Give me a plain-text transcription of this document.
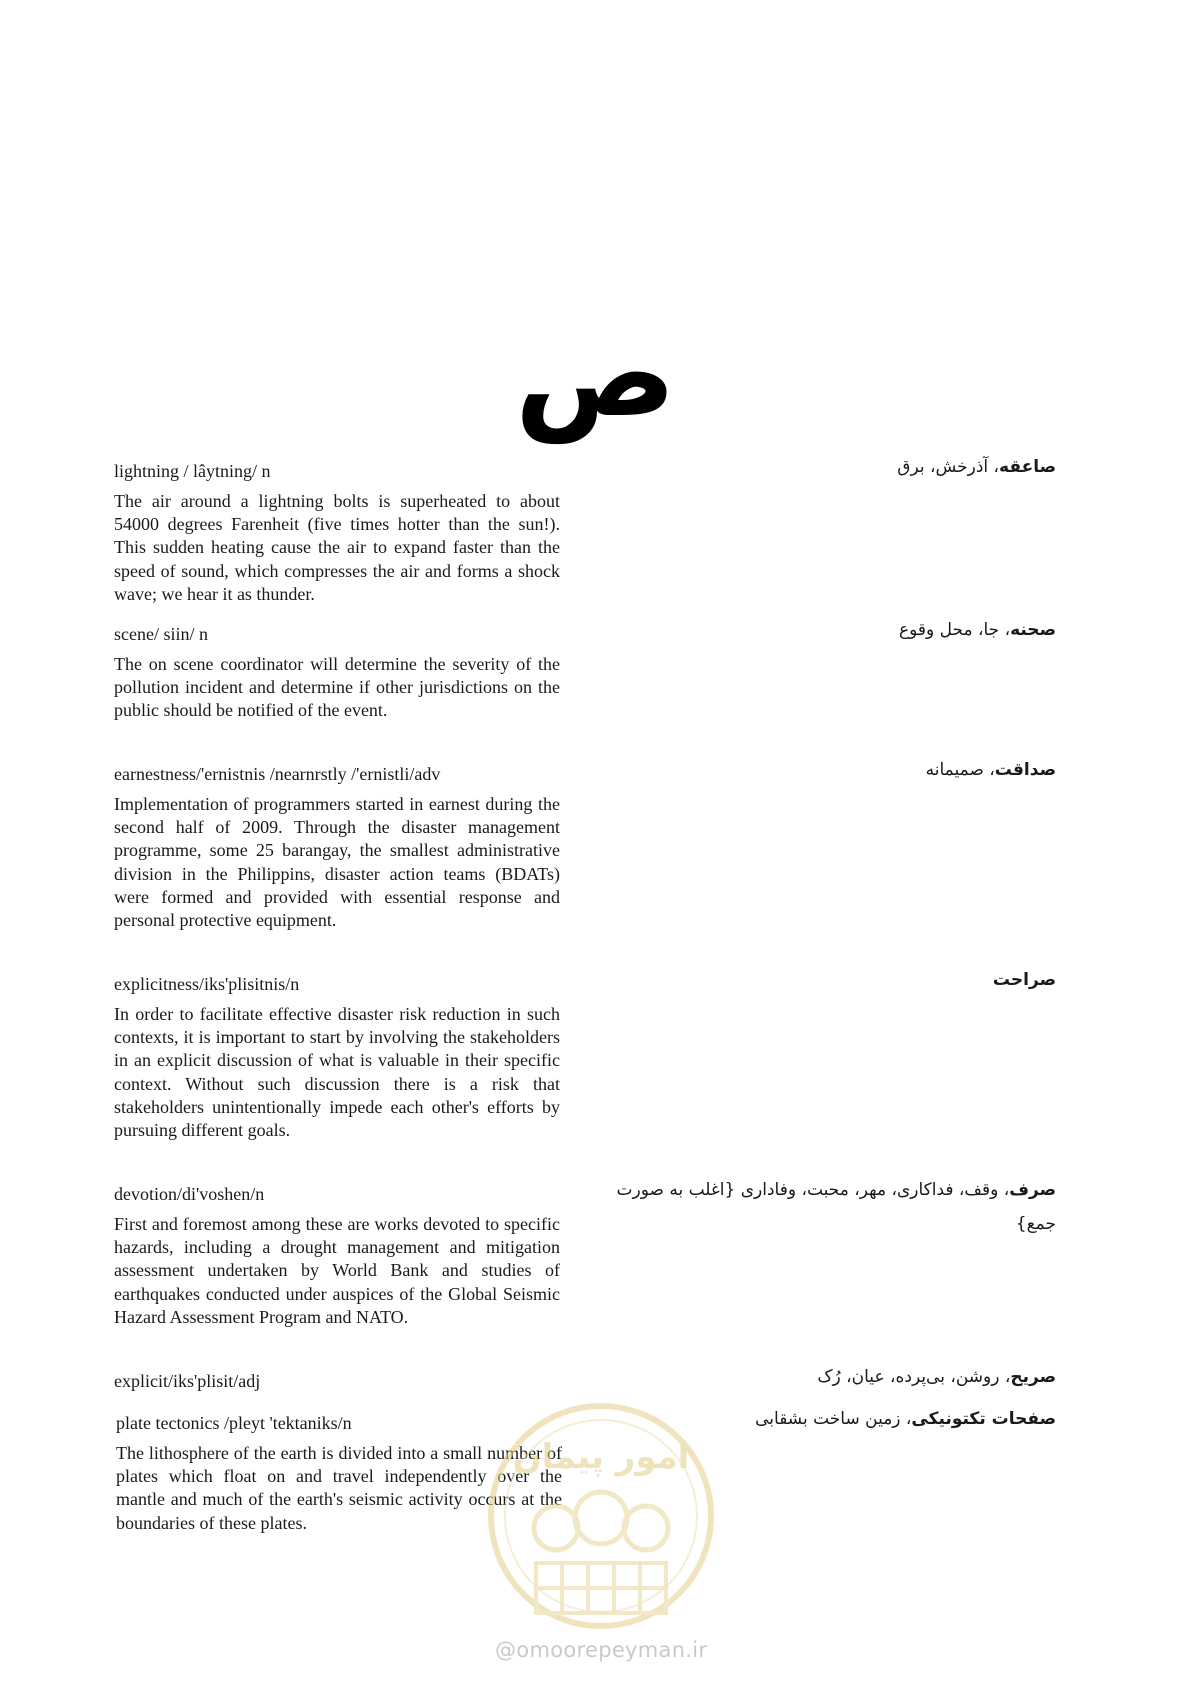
ص

lightning / lâytning/ n

The air around a lightning bolts is superheated to about 54000 degrees Farenheit (five times hotter than the sun!). This sudden heating cause the air to expand faster than the speed of sound, which compresses the air and forms a shock wave; we hear it as thunder.

صاعقه، آذرخش، برق

scene/ siin/ n

The on scene coordinator will determine the severity of the pollution incident and determine if other jurisdictions on the public should be notified of the event.

صحنه، جا، محل وقوع

earnestness/'ernistnis /nearnrstly /'ernistli/adv

Implementation of programmers started in earnest during the second half of 2009. Through the disaster management programme, some 25 barangay, the smallest administrative division in the Philippins, disaster action teams (BDATs) were formed and provided with essential response and personal protective equipment.

صداقت، صمیمانه

explicitness/iks'plisitnis/n

In order to facilitate effective disaster risk reduction in such contexts, it is important to start by involving the stakeholders in an explicit discussion of what is valuable in their specific context. Without such discussion there is a risk that stakeholders unintentionally impede each other's efforts by pursuing different goals.

صراحت

devotion/di'voshen/n

First and foremost among these are works devoted to specific hazards, including a drought management and mitigation assessment undertaken by World Bank and studies of earthquakes conducted under auspices of the Global Seismic Hazard Assessment Program and NATO.

صرف، وقف، فداکاری، مهر، محبت، وفاداری {اغلب به صورت جمع}

explicit/iks'plisit/adj	صریح، روشن، بی‌پرده، عیان، رُک

plate tectonics /pleyt 'tektaniks/n

The lithosphere of the earth is divided into a small number of plates which float on and travel independently over the mantle and much of the earth's seismic activity occurs at the boundaries of these plates.

صفحات تکتونیکی، زمین ساخت بشقابی
امور پیمان
@omoorepeyman.ir
